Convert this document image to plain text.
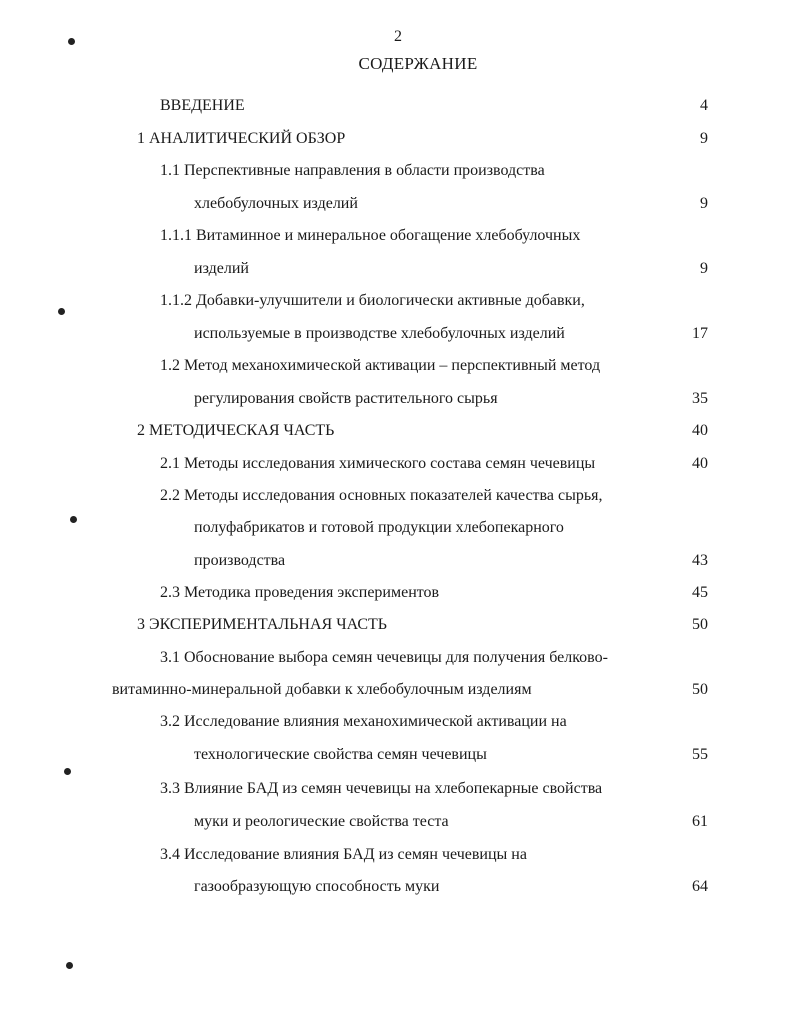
2
СОДЕРЖАНИЕ
ВВЕДЕНИЕ	4
1 АНАЛИТИЧЕСКИЙ ОБЗОР	9
1.1 Перспективные направления в области производства
хлебобулочных изделий	9
1.1.1 Витаминное и минеральное обогащение хлебобулочных
изделий	9
1.1.2 Добавки-улучшители и биологически активные добавки,
используемые в производстве хлебобулочных изделий	17
1.2 Метод механохимической активации – перспективный метод
регулирования свойств растительного сырья	35
2 МЕТОДИЧЕСКАЯ ЧАСТЬ	40
2.1 Методы исследования химического состава семян чечевицы	40
2.2 Методы исследования основных показателей качества сырья,
полуфабрикатов и готовой продукции хлебопекарного
производства	43
2.3 Методика проведения экспериментов	45
3 ЭКСПЕРИМЕНТАЛЬНАЯ ЧАСТЬ	50
3.1 Обоснование выбора семян чечевицы для получения белково-
витаминно-минеральной добавки к хлебобулочным изделиям	50
3.2 Исследование влияния механохимической активации на
технологические свойства семян чечевицы	55
3.3 Влияние БАД из семян чечевицы на хлебопекарные свойства
муки и реологические свойства теста	61
3.4 Исследование влияния БАД из семян чечевицы на
газообразующую способность муки	64
